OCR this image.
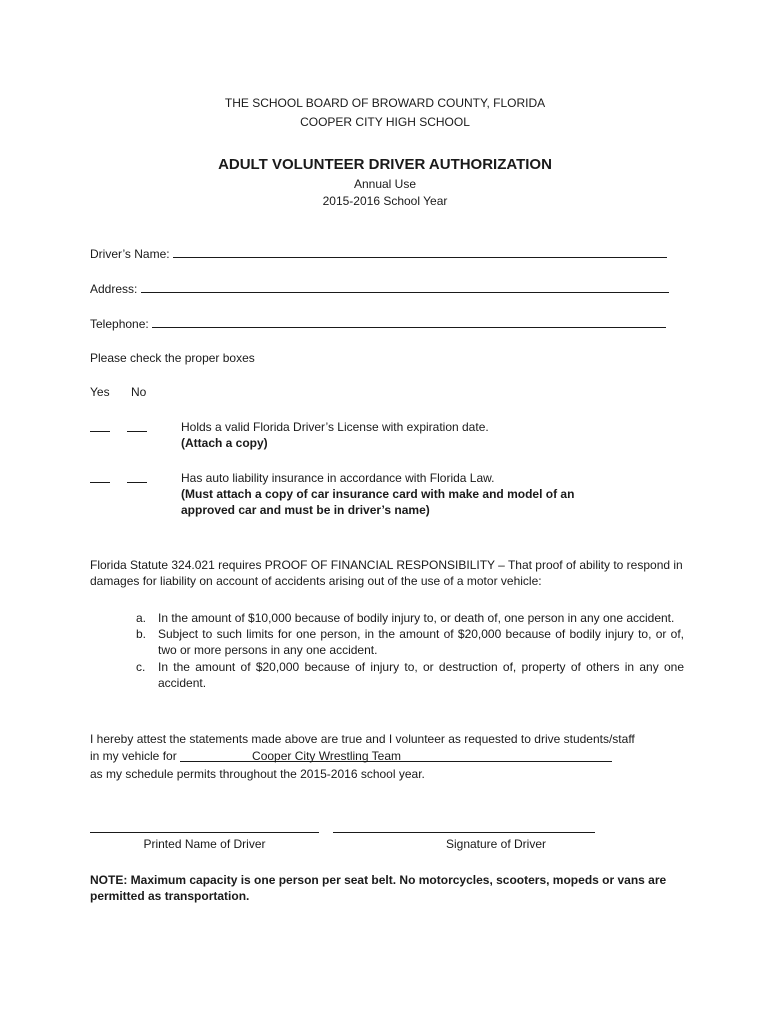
THE SCHOOL BOARD OF BROWARD COUNTY, FLORIDA
COOPER CITY HIGH SCHOOL
ADULT VOLUNTEER DRIVER AUTHORIZATION
Annual Use
2015-2016 School Year
Driver’s Name:
Address:
Telephone:
Please check the proper boxes
Yes No
Holds a valid Florida Driver’s License with expiration date.
(Attach a copy)
Has auto liability insurance in accordance with Florida Law.
(Must attach a copy of car insurance card with make and model of an approved car and must be in driver’s name)
Florida Statute 324.021 requires PROOF OF FINANCIAL RESPONSIBILITY – That proof of ability to respond in damages for liability on account of accidents arising out of the use of a motor vehicle:
a. In the amount of $10,000 because of bodily injury to, or death of, one person in any one accident.
b. Subject to such limits for one person, in the amount of $20,000 because of bodily injury to, or of, two or more persons in any one accident.
c.	In the amount of $20,000 because of injury to, or destruction of, property of others in any one accident.
I hereby attest the statements made above are true and I volunteer as requested to drive students/staff
in my vehicle for	Cooper City Wrestling Team
as my schedule permits throughout the 2015-2016 school year.
Printed Name of Driver	Signature of Driver
NOTE: Maximum capacity is one person per seat belt. No motorcycles, scooters, mopeds or vans are permitted as transportation.
